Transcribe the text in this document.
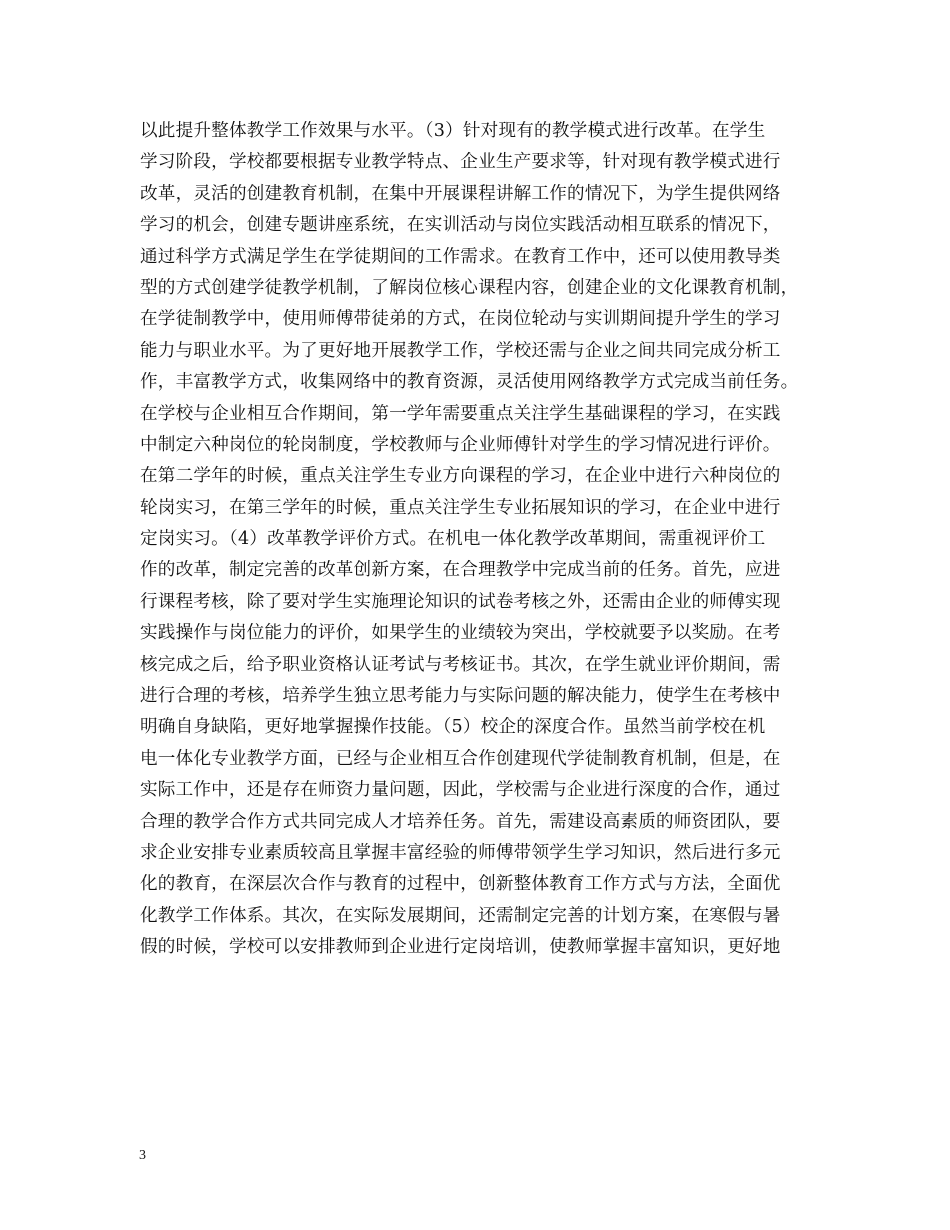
以此提升整体教学工作效果与水平。（3）针对现有的教学模式进行改革。在学生
学习阶段，学校都要根据专业教学特点、企业生产要求等，针对现有教学模式进行
改革，灵活的创建教育机制，在集中开展课程讲解工作的情况下，为学生提供网络
学习的机会，创建专题讲座系统，在实训活动与岗位实践活动相互联系的情况下，
通过科学方式满足学生在学徒期间的工作需求。在教育工作中，还可以使用教导类
型的方式创建学徒教学机制，了解岗位核心课程内容，创建企业的文化课教育机制，
在学徒制教学中，使用师傅带徒弟的方式，在岗位轮动与实训期间提升学生的学习
能力与职业水平。为了更好地开展教学工作，学校还需与企业之间共同完成分析工
作，丰富教学方式，收集网络中的教育资源，灵活使用网络教学方式完成当前任务。
在学校与企业相互合作期间，第一学年需要重点关注学生基础课程的学习，在实践
中制定六种岗位的轮岗制度，学校教师与企业师傅针对学生的学习情况进行评价。
在第二学年的时候，重点关注学生专业方向课程的学习，在企业中进行六种岗位的
轮岗实习，在第三学年的时候，重点关注学生专业拓展知识的学习，在企业中进行
定岗实习。（4）改革教学评价方式。在机电一体化教学改革期间，需重视评价工
作的改革，制定完善的改革创新方案，在合理教学中完成当前的任务。首先，应进
行课程考核，除了要对学生实施理论知识的试卷考核之外，还需由企业的师傅实现
实践操作与岗位能力的评价，如果学生的业绩较为突出，学校就要予以奖励。在考
核完成之后，给予职业资格认证考试与考核证书。其次，在学生就业评价期间，需
进行合理的考核，培养学生独立思考能力与实际问题的解决能力，使学生在考核中
明确自身缺陷，更好地掌握操作技能。（5）校企的深度合作。虽然当前学校在机
电一体化专业教学方面，已经与企业相互合作创建现代学徒制教育机制，但是，在
实际工作中，还是存在师资力量问题，因此，学校需与企业进行深度的合作，通过
合理的教学合作方式共同完成人才培养任务。首先，需建设高素质的师资团队，要
求企业安排专业素质较高且掌握丰富经验的师傅带领学生学习知识，然后进行多元
化的教育，在深层次合作与教育的过程中，创新整体教育工作方式与方法，全面优
化教学工作体系。其次，在实际发展期间，还需制定完善的计划方案，在寒假与暑
假的时候，学校可以安排教师到企业进行定岗培训，使教师掌握丰富知识，更好地
3
